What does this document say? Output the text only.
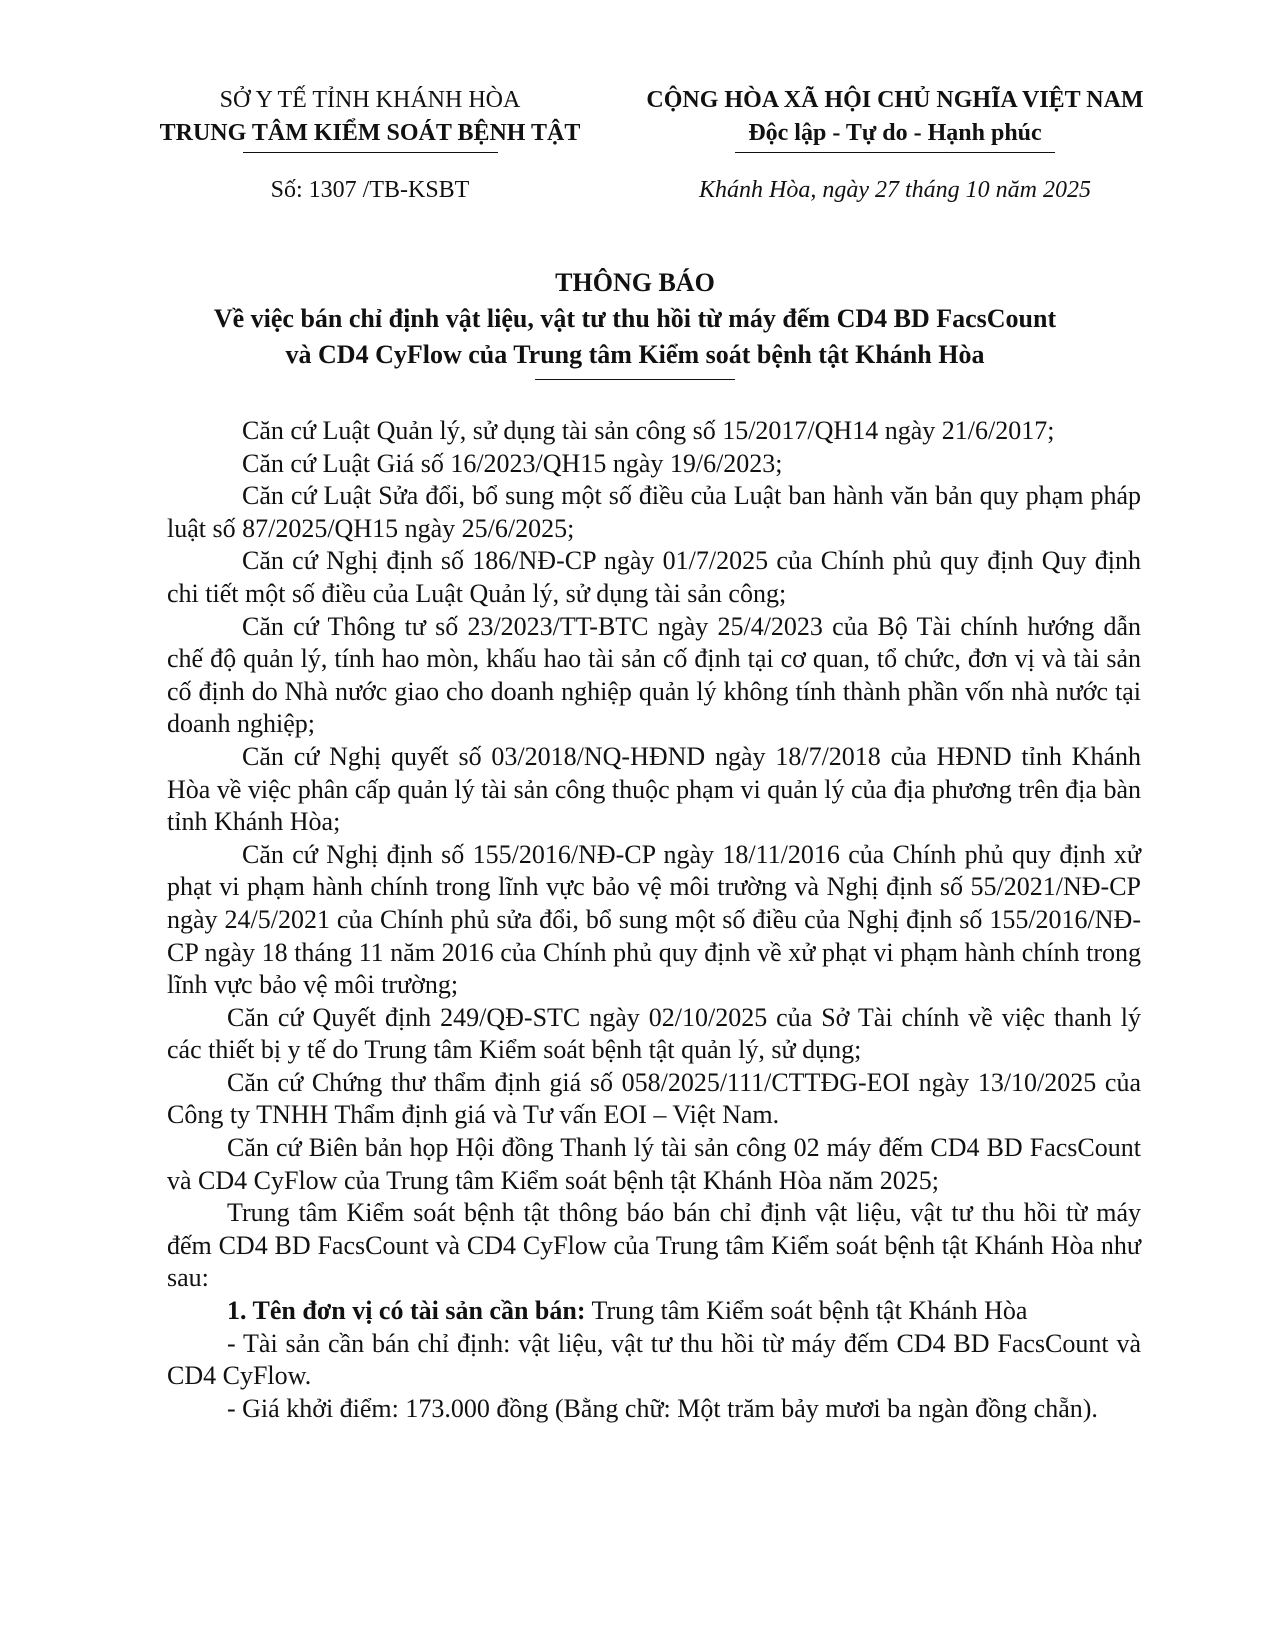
SỞ Y TẾ TỈNH KHÁNH HÒA
TRUNG TÂM KIỂM SOÁT BỆNH TẬT
CỘNG HÒA XÃ HỘI CHỦ NGHĨA VIỆT NAM
Độc lập - Tự do - Hạnh phúc
Số: 1307 /TB-KSBT	Khánh Hòa, ngày 27 tháng 10 năm 2025
THÔNG BÁO
Về việc bán chỉ định vật liệu, vật tư thu hồi từ máy đếm CD4 BD FacsCount
và CD4 CyFlow của Trung tâm Kiểm soát bệnh tật Khánh Hòa

Căn cứ Luật Quản lý, sử dụng tài sản công số 15/2017/QH14 ngày 21/6/2017;

Căn cứ Luật Giá số 16/2023/QH15 ngày 19/6/2023;

Căn cứ Luật Sửa đổi, bổ sung một số điều của Luật ban hành văn bản quy phạm pháp luật số 87/2025/QH15 ngày 25/6/2025;

Căn cứ Nghị định số 186/NĐ-CP ngày 01/7/2025 của Chính phủ quy định Quy định chi tiết một số điều của Luật Quản lý, sử dụng tài sản công;

Căn cứ Thông tư số 23/2023/TT-BTC ngày 25/4/2023 của Bộ Tài chính hướng dẫn chế độ quản lý, tính hao mòn, khấu hao tài sản cố định tại cơ quan, tổ chức, đơn vị và tài sản cố định do Nhà nước giao cho doanh nghiệp quản lý không tính thành phần vốn nhà nước tại doanh nghiệp;

Căn cứ Nghị quyết số 03/2018/NQ-HĐND ngày 18/7/2018 của HĐND tỉnh Khánh Hòa về việc phân cấp quản lý tài sản công thuộc phạm vi quản lý của địa phương trên địa bàn tỉnh Khánh Hòa;

Căn cứ Nghị định số 155/2016/NĐ-CP ngày 18/11/2016 của Chính phủ quy định xử phạt vi phạm hành chính trong lĩnh vực bảo vệ môi trường và Nghị định số 55/2021/NĐ-CP ngày 24/5/2021 của Chính phủ sửa đổi, bổ sung một số điều của Nghị định số 155/2016/NĐ-CP ngày 18 tháng 11 năm 2016 của Chính phủ quy định về xử phạt vi phạm hành chính trong lĩnh vực bảo vệ môi trường;

Căn cứ Quyết định 249/QĐ-STC ngày 02/10/2025 của Sở Tài chính về việc thanh lý các thiết bị y tế do Trung tâm Kiểm soát bệnh tật quản lý, sử dụng;

Căn cứ Chứng thư thẩm định giá số 058/2025/111/CTTĐG-EOI ngày 13/10/2025 của Công ty TNHH Thẩm định giá và Tư vấn EOI – Việt Nam.

Căn cứ Biên bản họp Hội đồng Thanh lý tài sản công 02 máy đếm CD4 BD FacsCount và CD4 CyFlow của Trung tâm Kiểm soát bệnh tật Khánh Hòa năm 2025;

Trung tâm Kiểm soát bệnh tật thông báo bán chỉ định vật liệu, vật tư thu hồi từ máy đếm CD4 BD FacsCount và CD4 CyFlow của Trung tâm Kiểm soát bệnh tật Khánh Hòa như sau:

1. Tên đơn vị có tài sản cần bán: Trung tâm Kiểm soát bệnh tật Khánh Hòa

- Tài sản cần bán chỉ định: vật liệu, vật tư thu hồi từ máy đếm CD4 BD FacsCount và CD4 CyFlow.

- Giá khởi điểm: 173.000 đồng (Bằng chữ: Một trăm bảy mươi ba ngàn đồng chẵn).
